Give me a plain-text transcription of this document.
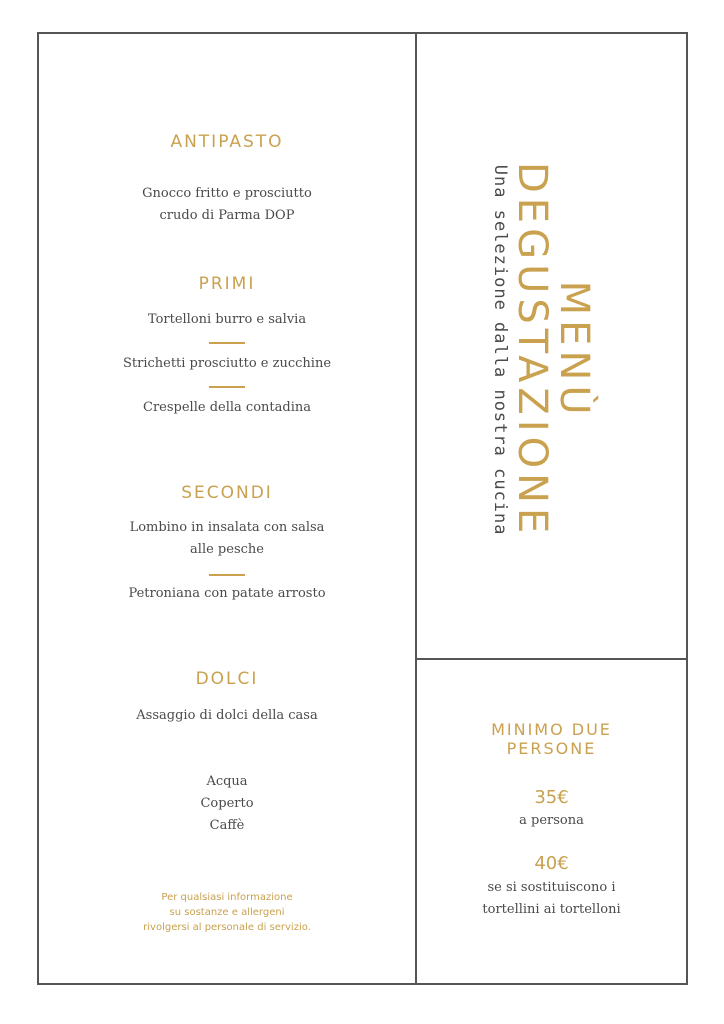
ANTIPASTO
Gnocco fritto e prosciutto
crudo di Parma DOP
PRIMI
Tortelloni burro e salvia
Strichetti prosciutto e zucchine
Crespelle della contadina
SECONDI
Lombino in insalata con salsa
alle pesche
Petroniana con patate arrosto
DOLCI
Assaggio di dolci della casa
Acqua
Coperto
Caffè
Per qualsiasi informazione
su sostanze e allergeni
rivolgersi al personale di servizio.
MENÙ
DEGUSTAZIONE
Una selezione dalla nostra cucina
MINIMO DUE
PERSONE
35€
a persona
40€
se si sostituiscono i
tortellini ai tortelloni
